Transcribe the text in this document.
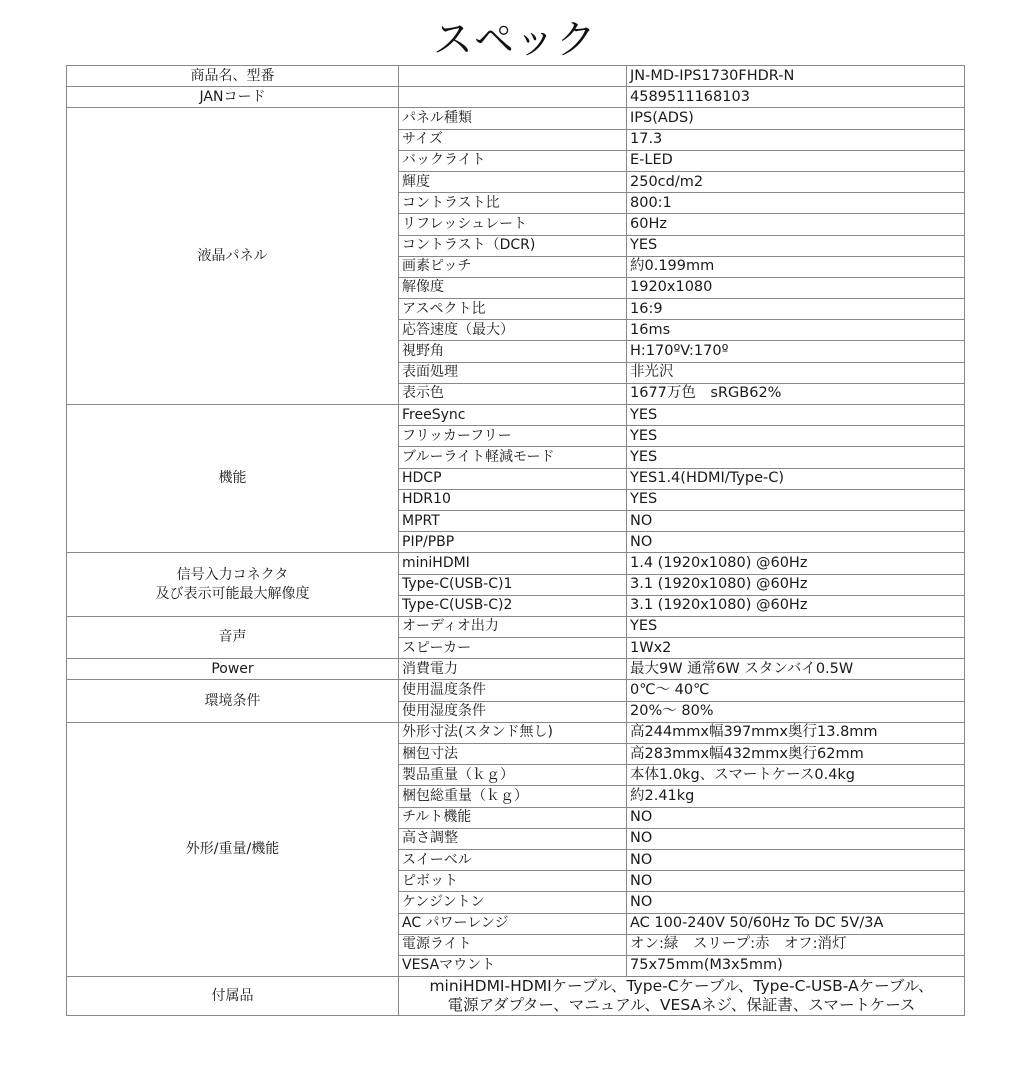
スペック
商品名、型番		JN-MD-IPS1730FHDR-N
JANコード		4589511168103
液晶パネル	パネル種類	IPS(ADS)
	サイズ	17.3
	バックライト	E-LED
	輝度	250cd/m2
	コントラスト比	800:1
	リフレッシュレート	60Hz
	コントラスト（DCR)	YES
	画素ピッチ	約0.199mm
	解像度	1920x1080
	アスペクト比	16:9
	応答速度（最大）	16ms
	視野角	H:170ºV:170º
	表面処理	非光沢
	表示色	1677万色　sRGB62%
機能	FreeSync	YES
	フリッカーフリー	YES
	ブルーライト軽減モード	YES
	HDCP	YES1.4(HDMI/Type-C)
	HDR10	YES
	MPRT	NO
	PIP/PBP	NO

信号入力コネクタ
及び表示可能最大解像度	miniHDMI	1.4 (1920x1080) @60Hz
	Type-C(USB-C)1	3.1 (1920x1080) @60Hz
	Type-C(USB-C)2	3.1 (1920x1080) @60Hz
音声	オーディオ出力	YES
	スピーカー	1Wx2
Power	消費電力	最大9W 通常6W スタンバイ0.5W
環境条件	使用温度条件	0℃～ 40℃
	使用湿度条件	20%～ 80%
外形/重量/機能	外形寸法(スタンド無し)	高244mmx幅397mmx奥行13.8mm
	梱包寸法	高283mmx幅432mmx奥行62mm
	製品重量（ｋｇ）	本体1.0kg、スマートケース0.4kg
	梱包総重量（ｋｇ）	約2.41kg
	チルト機能	NO
	高さ調整	NO
	スイーベル	NO
	ピボット	NO
	ケンジントン	NO
	AC パワーレンジ	AC 100-240V 50/60Hz To DC 5V/3A
	電源ライト	オン:緑　スリープ:赤　オフ:消灯
	VESAマウント	75x75mm(M3x5mm)
付属品	miniHDMI-HDMIケーブル、Type-Cケーブル、Type-C-USB-Aケーブル、
電源アダプター、マニュアル、VESAネジ、保証書、スマートケース	
